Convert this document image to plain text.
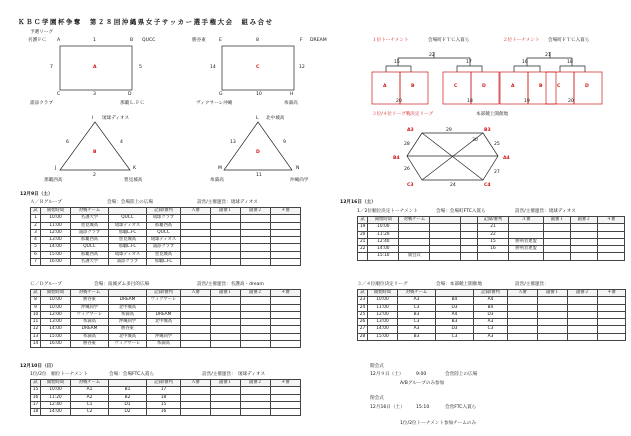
ＫＢＣ学園杯争奪　第２８回沖縄県女子サッカー選手権大会　組み合せ
予選リーグ
名護ＦＣ A	1	B QUCC
7	5
A
3
C	D
浦添クラブ	那覇Ｌ.ＦＣ
勝谷東	E	8	F DREAM
14	12
C
10
G	H
ヴィクサーレ沖縄	糸満高
I 琉球ディオス
6	4
B
2
J	K
那覇西高	豊見城高
L 北中城高
13	9
D
11
M	N
糸満高	沖縄尚学
１位トーナメント	会場町ＦＴＣ入賞ら
22
15	17
A	B	C	D
20	18
２位トーナメント 会場町ＦＴＣ入賞ら
21
16	18
A	B	C	D
19	20
３位/４位リーグ戦決定リーグ	本部競上開催地
A3	B3
B4	A4
C3	C4
29
30
28	25
26
27
24
12月9日（土）
Ａ／Ｂグループ	会場：会場陸上の広場	設営/主催運営：琉球ディオス
試	開始時間	対戦チーム		記録/審判	Ａ審	副審１	副審２	４審
1	10:00	名護大学	QUCC	琉球クラブ				
2	11:00	豊見城高	琉球ディオス	那覇西高				
3	12:00	浦添クラブ	那覇L.FC	QUCC				
4	13:00	那覇西高	豊見城高	琉球ディオス				
5	14:00	QUCC	那覇L.FC	浦添クラブ				
6	15:00	那覇西高	琉球ディオス	豊見城高				
7	16:00	名護大学	浦添クラブ	那覇L.FC				
Ｃ／Ｄグループ	会場：南城ダム多目的広場	設営/主催運営：名護高・dream
試	開始時間	対戦チーム		記録/審判	Ａ審	副審１	副審２	４審
8	10:00	勝谷東	DREAM	ヴィクサーレ				
9	10:00	沖縄尚学	北中城高					
10	12:00	ヴィクサーレ	糸満高	DREAM				
11	13:00	糸満高	沖縄尚学	北中城高				
12	14:00	DREAM	勝谷東					
13	15:00	糸満高	北中城高	沖縄尚学				
14	16:00	勝谷東	ヴィクサーレ	糸満高				
12月10日（日）
1位/2位　順位トーナメント	会場：会場FTC入賞ら	設営/主催運営：　琉球ディオス
試	開始時間	対戦チーム		記録/審判	Ａ審	副審１	副審２	４審
15	10:00	A1	B1	17				
16	11:20	A2	B2	18				
17	12:40	C1	D1	15				
18	14:00	C2	D2	16				
12月16日（土）
1／2位順位決定トーナメント	会場：会場町FTC入賞ら	設営/主催運営：琉球ディオス
試	開始時間	対戦チーム			記録/審判	Ａ審	副審１	副審２	４審
19	10:00				21				
20	11:20				22				
21	12:40				15	勝利者連盟			
22	14:00				16	勝利者連盟			
	15:10	開会式							
３／４位順位決定リーグ	会場：本部競上開催地	設営/主催運営：
試	開始時間	対戦チーム		記録/審判	Ａ審	副審１	副審２	４審
23	10:00	A3	B4	A4				
24	11:00	C3	D3	B4				
25	12:00	B3	A4	D3				
26	13:00	C3	B3	A3				
27	14:00	A3	D3	C3				
28	15:00	B3	C3	A3				
開会式
12月９日（土）	9:00	会営陸上の広場
A/Bグループのみ参加
閉会式
12月16日（土） 15:10	会営FTC入賞ら
1位/2位トーナメント参加チームのみ
